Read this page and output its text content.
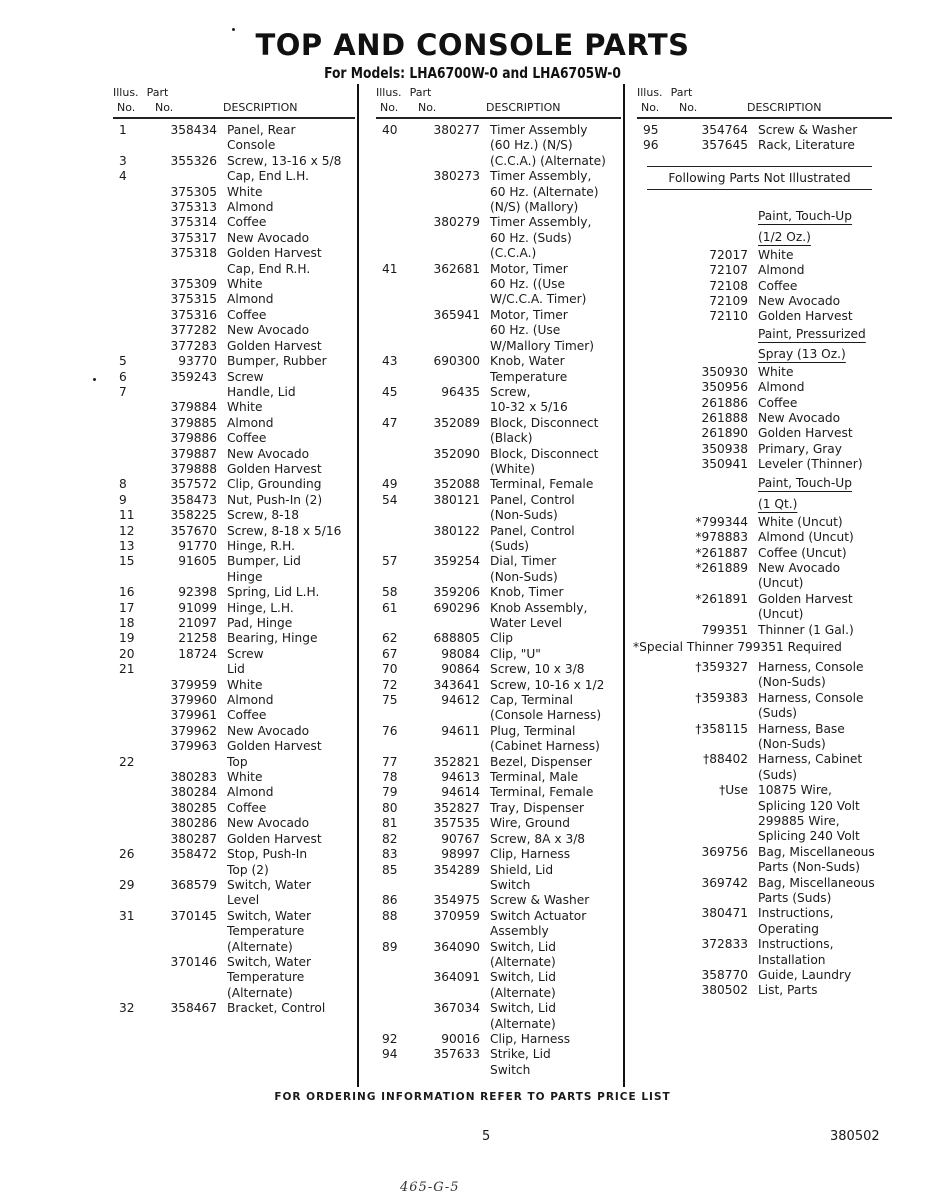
TOP AND CONSOLE PARTS
For Models: LHA6700W-0 and LHA6705W-0
Illus. Part
No. No.	DESCRIPTION
1	358434 Panel, Rear
Console
3	355326 Screw, 13-16 x 5/8
4	Cap, End L.H.
375305 White
375313 Almond
375314 Coffee
375317 New Avocado
375318 Golden Harvest
Cap, End R.H.
375309 White
375315 Almond
375316 Coffee
377282 New Avocado
377283 Golden Harvest
5	93770 Bumper, Rubber
6	359243 Screw
7	Handle, Lid
379884 White
379885 Almond
379886 Coffee
379887 New Avocado
379888 Golden Harvest
8	357572 Clip, Grounding
9	358473 Nut, Push-In (2)
11	358225 Screw, 8-18
12	357670 Screw, 8-18 x 5/16
13	91770 Hinge, R.H.
15	91605 Bumper, Lid
Hinge
16	92398 Spring, Lid L.H.
17	91099 Hinge, L.H.
18	21097 Pad, Hinge
19	21258 Bearing, Hinge
20	18724 Screw
21	Lid
379959 White
379960 Almond
379961 Coffee
379962 New Avocado
379963 Golden Harvest
22	Top
380283 White
380284 Almond
380285 Coffee
380286 New Avocado
380287 Golden Harvest
26	358472 Stop, Push-In
Top (2)
29	368579 Switch, Water
Level
31	370145 Switch, Water
Temperature
(Alternate)
370146 Switch, Water
Temperature
(Alternate)
32	358467 Bracket, Control
Illus. Part
No. No.	DESCRIPTION
40	380277 Timer Assembly
(60 Hz.) (N/S)
(C.C.A.) (Alternate)
380273 Timer Assembly,
60 Hz. (Alternate)
(N/S) (Mallory)
380279 Timer Assembly,
60 Hz. (Suds)
(C.C.A.)
41	362681 Motor, Timer
60 Hz. ((Use
W/C.C.A. Timer)
365941 Motor, Timer
60 Hz. (Use
W/Mallory Timer)
43	690300 Knob, Water
Temperature
45	96435 Screw,
10-32 x 5/16
47	352089 Block, Disconnect
(Black)
352090 Block, Disconnect
(White)
49	352088 Terminal, Female
54	380121 Panel, Control
(Non-Suds)
380122 Panel, Control
(Suds)
57	359254 Dial, Timer
(Non-Suds)
58	359206 Knob, Timer
61	690296 Knob Assembly,
Water Level
62	688805 Clip
67	98084 Clip, "U"
70	90864 Screw, 10 x 3/8
72	343641 Screw, 10-16 x 1/2
75	94612 Cap, Terminal
(Console Harness)
76	94611 Plug, Terminal
(Cabinet Harness)
77	352821 Bezel, Dispenser
78	94613 Terminal, Male
79	94614 Terminal, Female
80	352827 Tray, Dispenser
81	357535 Wire, Ground
82	90767 Screw, 8A x 3/8
83	98997 Clip, Harness
85	354289 Shield, Lid
Switch
86	354975 Screw & Washer
88	370959 Switch Actuator
Assembly
89	364090 Switch, Lid
(Alternate)
364091 Switch, Lid
(Alternate)
367034 Switch, Lid
(Alternate)
92	90016 Clip, Harness
94	357633 Strike, Lid
Switch
Illus. Part
No. No.	DESCRIPTION
95	354764 Screw & Washer
96	357645 Rack, Literature
Following Parts Not Illustrated
Paint, Touch-Up
(1/2 Oz.)
72017 White
72107 Almond
72108 Coffee
72109 New Avocado
72110 Golden Harvest
Paint, Pressurized
Spray (13 Oz.)
350930 White
350956 Almond
261886 Coffee
261888 New Avocado
261890 Golden Harvest
350938 Primary, Gray
350941 Leveler (Thinner)
Paint, Touch-Up
(1 Qt.)
*799344 White (Uncut)
*978883 Almond (Uncut)
*261887 Coffee (Uncut)
*261889 New Avocado
(Uncut)
*261891 Golden Harvest
(Uncut)
799351 Thinner (1 Gal.)
*Special Thinner 799351 Required
†359327 Harness, Console
(Non-Suds)
†359383 Harness, Console
(Suds)
†358115 Harness, Base
(Non-Suds)
†88402 Harness, Cabinet
(Suds)
†Use 10875 Wire,
Splicing 120 Volt
299885 Wire,
Splicing 240 Volt
369756 Bag, Miscellaneous
Parts (Non-Suds)
369742 Bag, Miscellaneous
Parts (Suds)
380471 Instructions,
Operating
372833 Instructions,
Installation
358770 Guide, Laundry
380502 List, Parts
FOR ORDERING INFORMATION REFER TO PARTS PRICE LIST
5	380502
465-G-5
